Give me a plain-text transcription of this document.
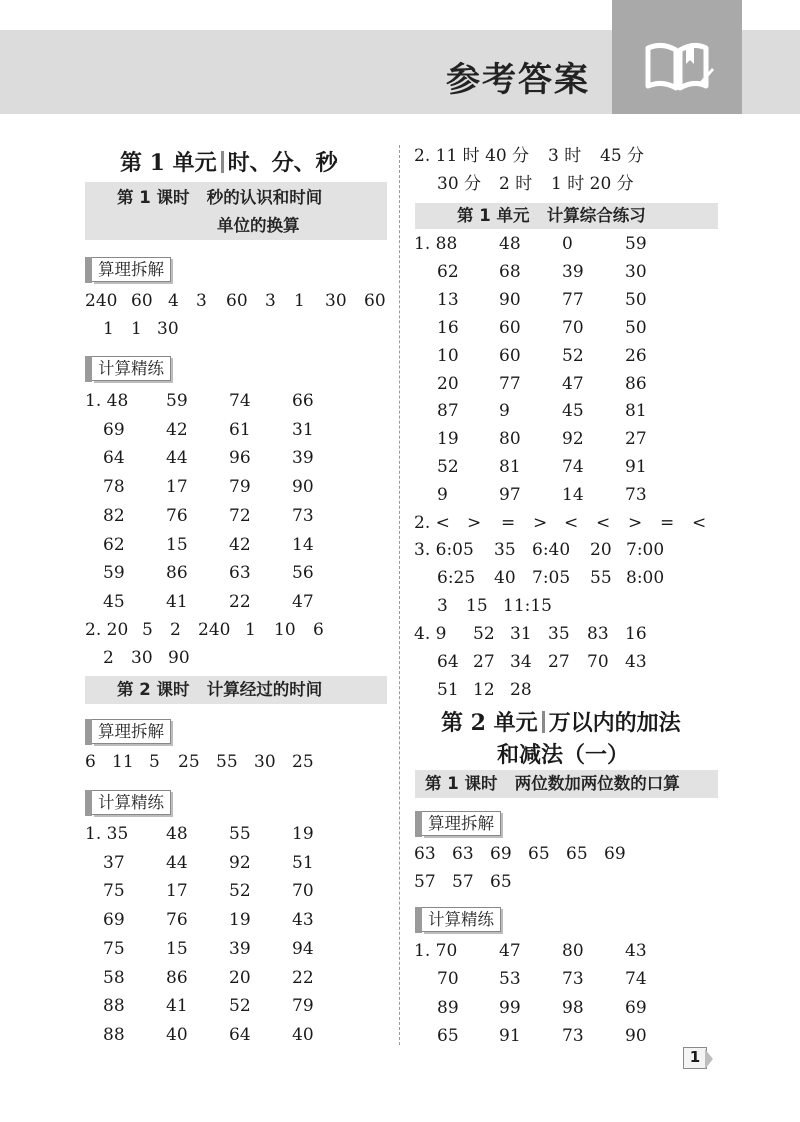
参考答案
第 1 单元 时、分、秒

第 1 课时   秒的认识和时间

单位的换算

算理拆解

240 60 4 3 60 3 1 30 60

1 1 30

计算精练
1. 48 59 74 66
69 42 61 31
64 44 96 39
78 17 79 90
82 76 72 73
62 15 42 14
59 86 63 56
45 41 22 47

2. 20 5 2 240 1 10 6

2 30 90

第 2 课时   计算经过的时间

算理拆解

6 11 5 25 55 30 25

计算精练
1. 35 48 55 19
37 44 92 51
75 17 52 70
69 76 19 43
75 15 39 94
58 86 20 22
88 41 52 79
88 40 64 40

2. 11 时 40 分 3 时 45 分

30 分 2 时 1 时 20 分

第 1 单元   计算综合练习

1. 88 48 0	59
62 68 39 30
13 90 77 50
16 60 70 50
10 60 52 26
20 77 47 86
87 9	45 81
19 80 92 27
52 81 74 91
9	97 14 73

2. < > = > < < > = <

3. 6:05 35 6:40 20 7:00

6:25 40 7:05 55 8:00

3 15 11:15

4. 9 52 31 35 83 16

64 27 34 27 70 43

51 12 28

第 2 单元 万以内的加法
和减法（一）

第 1 课时   两位数加两位数的口算

算理拆解

63 63 69 65 65 69

57 57 65

计算精练
1. 70 47 80 43
70 53 73 74
89 99 98 69
65 91 73 90
1
